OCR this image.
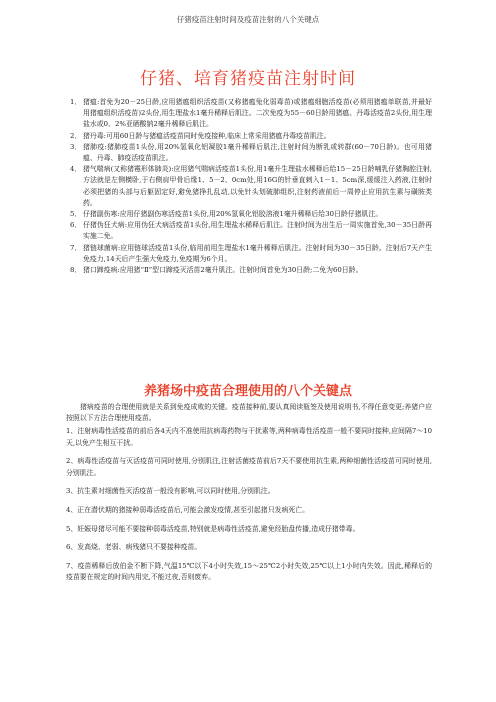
仔猪疫苗注射时间及疫苗注射的八个关键点
仔猪、培育猪疫苗注射时间
1． 猪瘟:首免为20－25日龄,应用猪瘟组织活疫苗(又称猪瘟兔化弱毒苗)或猪瘟细胞活疫苗(必须用猪瘟单联苗,并最好用猪瘟组织活疫苗)2头份,用生理盐水1毫升稀释后肌注。二次免疫为55－60日龄用猪瘟、丹毒活疫苗2头份,用生理盐水或0、2%亚硒酸钠2毫升稀释后肌注。
2． 猪丹毒:可用60日龄与猪瘟活疫苗同时免疫接种,临床上常采用猪瘟丹毒疫苗肌注。
3． 猪肺疫:猪肺疫苗1头份,用20%氢氧化铝凝胶1毫升稀释后肌注,注射时间为断乳或转群(60－70日龄)。也可用猪瘟、丹毒、肺疫活疫苗肌注。
4． 猪气喘病(又称猪霉形体肺炎):应用猪气喘病活疫苗1头份,用1毫升生理盐水稀释后给15－25日龄哺乳仔猪胸腔注射,方法就是左侧横卧,于右侧肩甲骨后缘1、5－2、0cm处,用16G的针垂直刺入1－1、5cm深,缓缓注入药液,注射时必须把猪的头部与后躯固定好,避免猪挣扎乱动,以免针头划破肺组织,注射药液前后一周停止应用抗生素与磺胺类药。
5． 仔猪副伤寒:应用仔猪副伤寒活疫苗1头份,用20%氢氧化铝胶溶液1毫升稀释后给30日龄仔猪肌注。
6． 仔猪伪狂犬病:应用伪狂犬病活疫苗1头份,用生理盐水稀释后肌注。注射时间为出生后一周实施首免,30－35日龄再实施二免。
7． 猪链球菌病:应用链球活疫苗1头份,临用前用生理盐水1毫升稀释后肌注。注射时间为30－35日龄。注射后7天产生免疫力,14天后产生强大免疫力,免疫期为6个月。
8． 猪口蹄疫病:应用猪“Ⅱ”型口蹄疫灭活苗2毫升肌注。注射时间首免为30日龄;二免为60日龄。
养猪场中疫苗合理使用的八个关键点

猪病疫苗的合理使用就是关系到免疫成败的关键。疫苗接种前,要认真阅读瓶签及使用说明书,不得任意变更;养猪户应按照以下方法合理使用疫苗。

1、注射病毒性活疫苗的前后各4天内不准使用抗病毒药物与干扰素等,两种病毒性活疫苗一般不要同时接种,应间隔7～10天,以免产生相互干扰。

2、病毒性活疫苗与灭活疫苗可同时使用,分别肌注,注射活菌疫苗前后7天不要使用抗生素,两种细菌性活疫苗可同时使用,分别肌注。

3、抗生素对细菌性灭活疫苗一般没有影响,可以同时使用,分别肌注。

4、正在潜伏期的猪接种弱毒活疫苗后,可能会激发疫情,甚至引起猪只发病死亡。

5、妊娠母猪尽可能不要接种弱毒活疫苗,特别就是病毒性活疫苗,避免经胎盘传播,造成仔猪带毒。

6、发高烧、老弱、病残猪只不要接种疫苗。

7、疫苗稀释后放伯金不断下降,气温15℃以下4小时失效,15～25℃2小时失效,25℃以上1小时内失效。因此,稀释后的疫苗要在规定的时间内用完,不能过夜,否则废弃。
